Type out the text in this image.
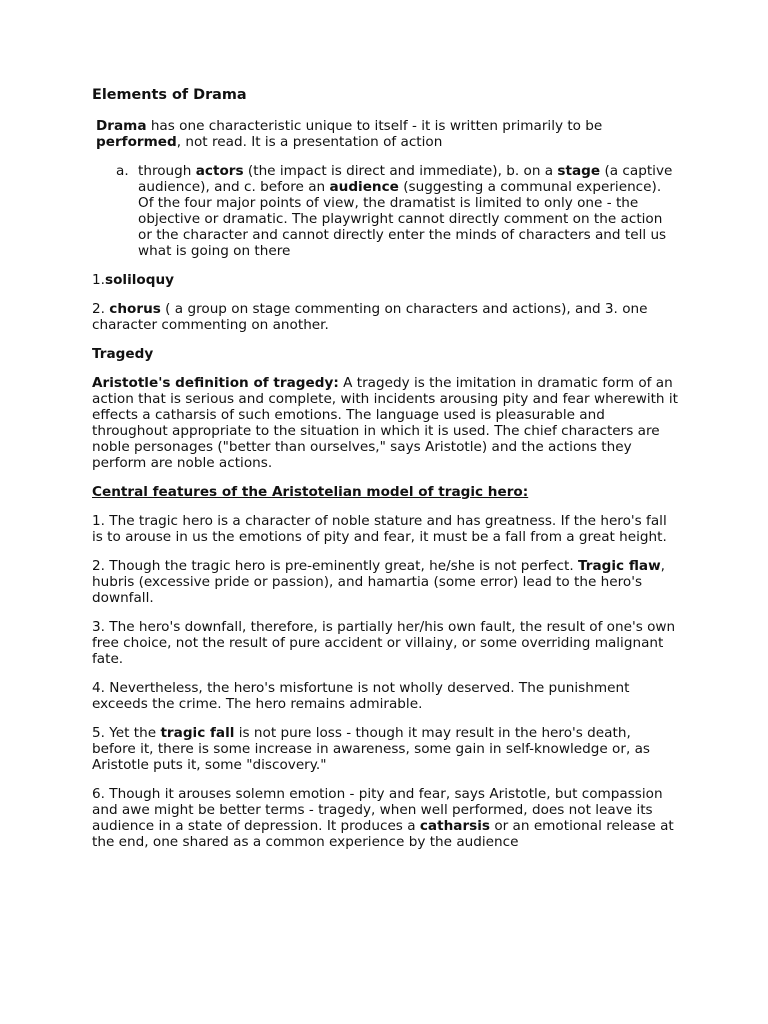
Elements of Drama

Drama has one characteristic unique to itself - it is written primarily to be performed, not read. It is a presentation of action

a. through actors (the impact is direct and immediate), b. on a stage (a captive audience), and c. before an audience (suggesting a communal experience). Of the four major points of view, the dramatist is limited to only one - the objective or dramatic. The playwright cannot directly comment on the action or the character and cannot directly enter the minds of characters and tell us what is going on there

1.soliloquy

2. chorus ( a group on stage commenting on characters and actions), and 3. one character commenting on another.

Tragedy

Aristotle's definition of tragedy: A tragedy is the imitation in dramatic form of an action that is serious and complete, with incidents arousing pity and fear wherewith it effects a catharsis of such emotions. The language used is pleasurable and throughout appropriate to the situation in which it is used. The chief characters are noble personages ("better than ourselves," says Aristotle) and the actions they perform are noble actions.

Central features of the Aristotelian model of tragic hero:

1. The tragic hero is a character of noble stature and has greatness. If the hero's fall is to arouse in us the emotions of pity and fear, it must be a fall from a great height.

2. Though the tragic hero is pre-eminently great, he/she is not perfect. Tragic flaw, hubris (excessive pride or passion), and hamartia (some error) lead to the hero's downfall.

3. The hero's downfall, therefore, is partially her/his own fault, the result of one's own free choice, not the result of pure accident or villainy, or some overriding malignant fate.

4. Nevertheless, the hero's misfortune is not wholly deserved. The punishment exceeds the crime. The hero remains admirable.

5. Yet the tragic fall is not pure loss - though it may result in the hero's death, before it, there is some increase in awareness, some gain in self-knowledge or, as Aristotle puts it, some "discovery."

6. Though it arouses solemn emotion - pity and fear, says Aristotle, but compassion and awe might be better terms - tragedy, when well performed, does not leave its audience in a state of depression. It produces a catharsis or an emotional release at the end, one shared as a common experience by the audience
